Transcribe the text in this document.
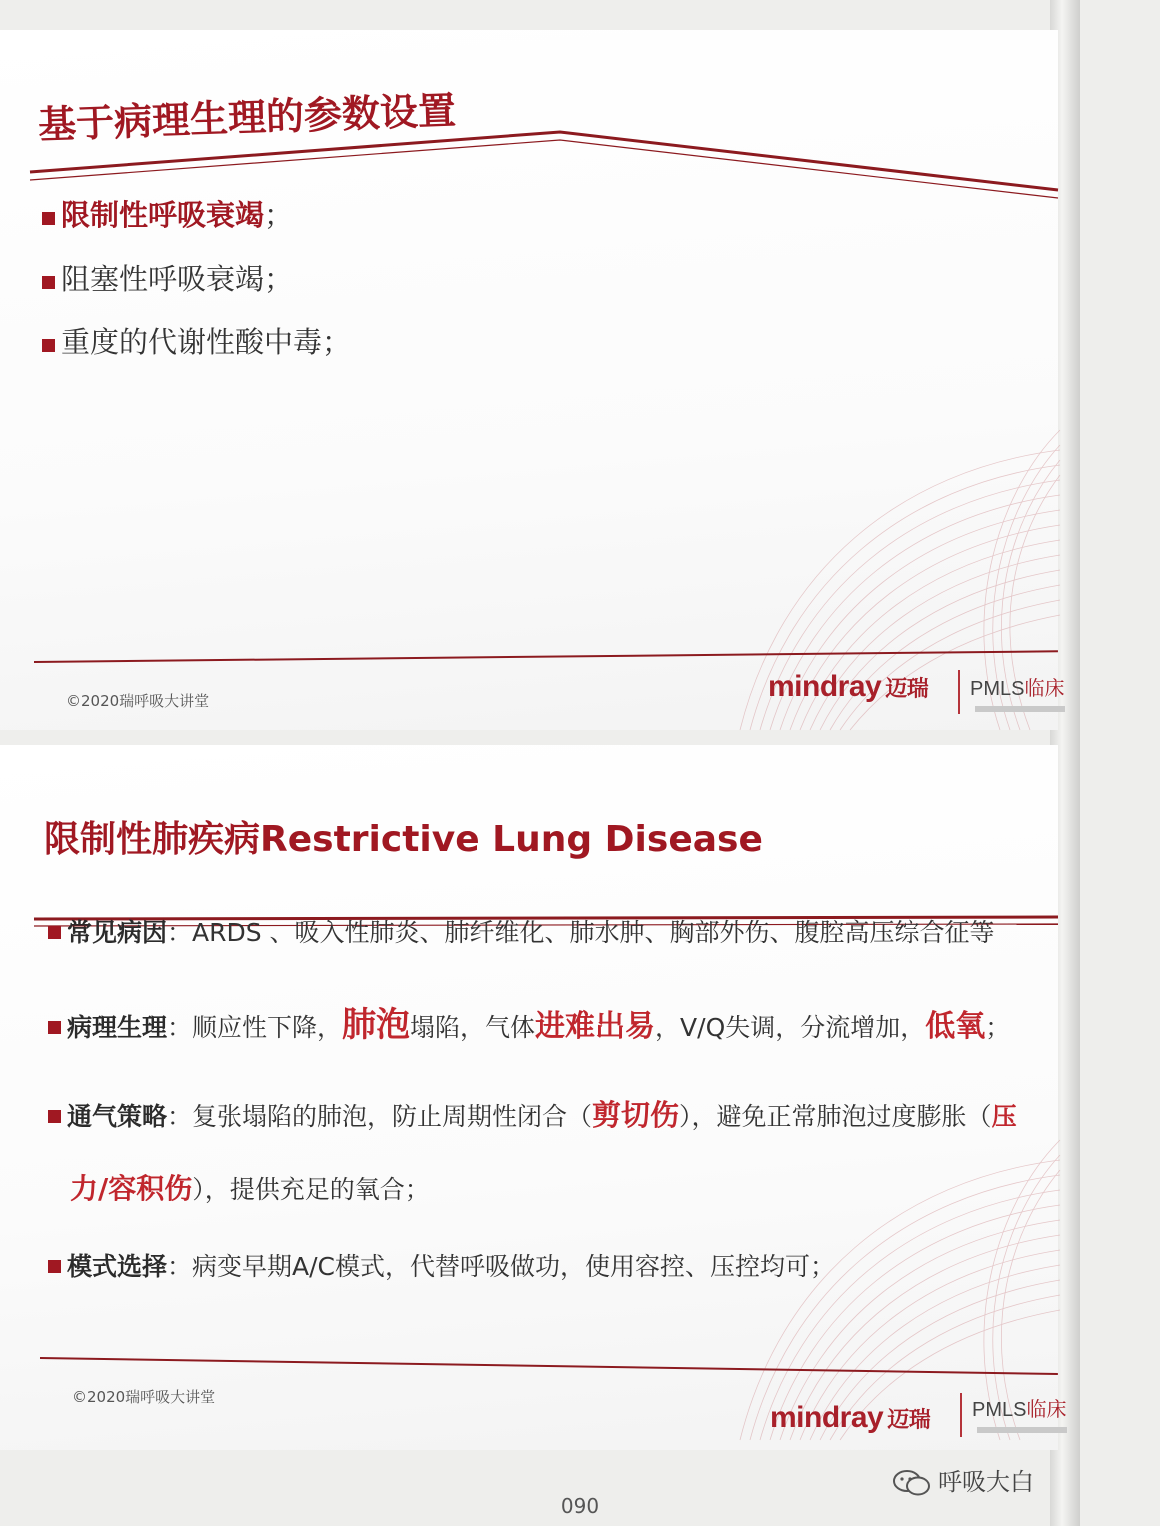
基于病理生理的参数设置
限制性呼吸衰竭；
阻塞性呼吸衰竭；
重度的代谢性酸中毒；
©2020瑞呼吸大讲堂	mindray 迈瑞 PMLS临床
限制性肺疾病Restrictive Lung Disease
常见病因：ARDS 、吸入性肺炎、肺纤维化、肺水肿、胸部外伤、腹腔高压综合征等
病理生理：顺应性下降，肺泡塌陷，气体进难出易，V/Q失调，分流增加，低氧；
通气策略：复张塌陷的肺泡，防止周期性闭合（剪切伤），避免正常肺泡过度膨胀（压
力/容积伤），提供充足的氧合；
模式选择：病变早期A/C模式，代替呼吸做功，使用容控、压控均可；
©2020瑞呼吸大讲堂
mindray 迈瑞 PMLS临床
090
呼吸大白
